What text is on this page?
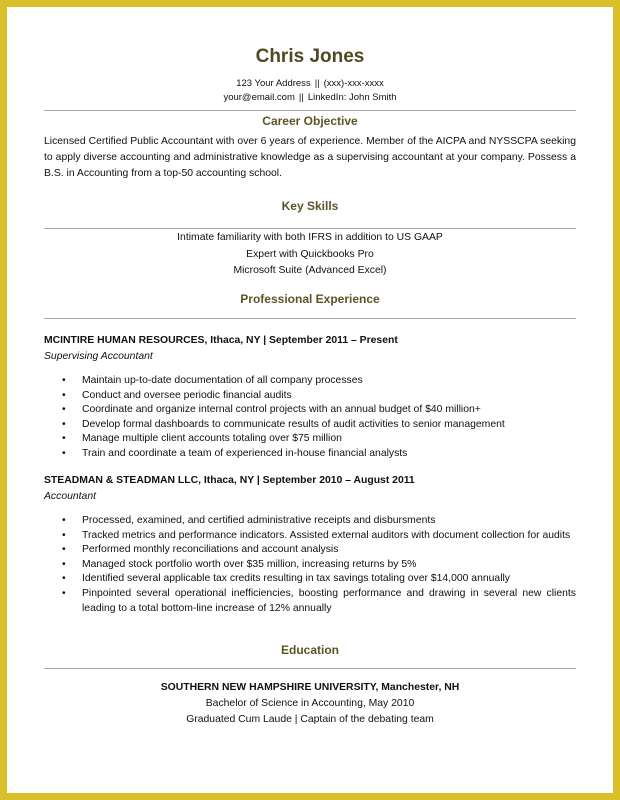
Chris Jones
123 Your Address || (xxx)-xxx-xxxx
your@email.com || LinkedIn: John Smith
Career Objective
Licensed Certified Public Accountant with over 6 years of experience. Member of the AICPA and NYSSCPA seeking to apply diverse accounting and administrative knowledge as a supervising accountant at your company. Possess a B.S. in Accounting from a top-50 accounting school.
Key Skills
Intimate familiarity with both IFRS in addition to US GAAP
Expert with Quickbooks Pro
Microsoft Suite (Advanced Excel)
Professional Experience
MCINTIRE HUMAN RESOURCES, Ithaca, NY | September 2011 – Present
Supervising Accountant
• Maintain up-to-date documentation of all company processes
• Conduct and oversee periodic financial audits
• Coordinate and organize internal control projects with an annual budget of $40 million+
• Develop formal dashboards to communicate results of audit activities to senior management
• Manage multiple client accounts totaling over $75 million
• Train and coordinate a team of experienced in-house financial analysts
STEADMAN & STEADMAN LLC, Ithaca, NY | September 2010 – August 2011
Accountant
• Processed, examined, and certified administrative receipts and disbursments
• Tracked metrics and performance indicators. Assisted external auditors with document collection for audits
• Performed monthly reconciliations and account analysis
• Managed stock portfolio worth over $35 million, increasing returns by 5%
• Identified several applicable tax credits resulting in tax savings totaling over $14,000 annually
• Pinpointed several operational inefficiencies, boosting performance and drawing in several new clients leading to a total bottom-line increase of 12% annually
Education
SOUTHERN NEW HAMPSHIRE UNIVERSITY, Manchester, NH
Bachelor of Science in Accounting, May 2010
Graduated Cum Laude | Captain of the debating team
